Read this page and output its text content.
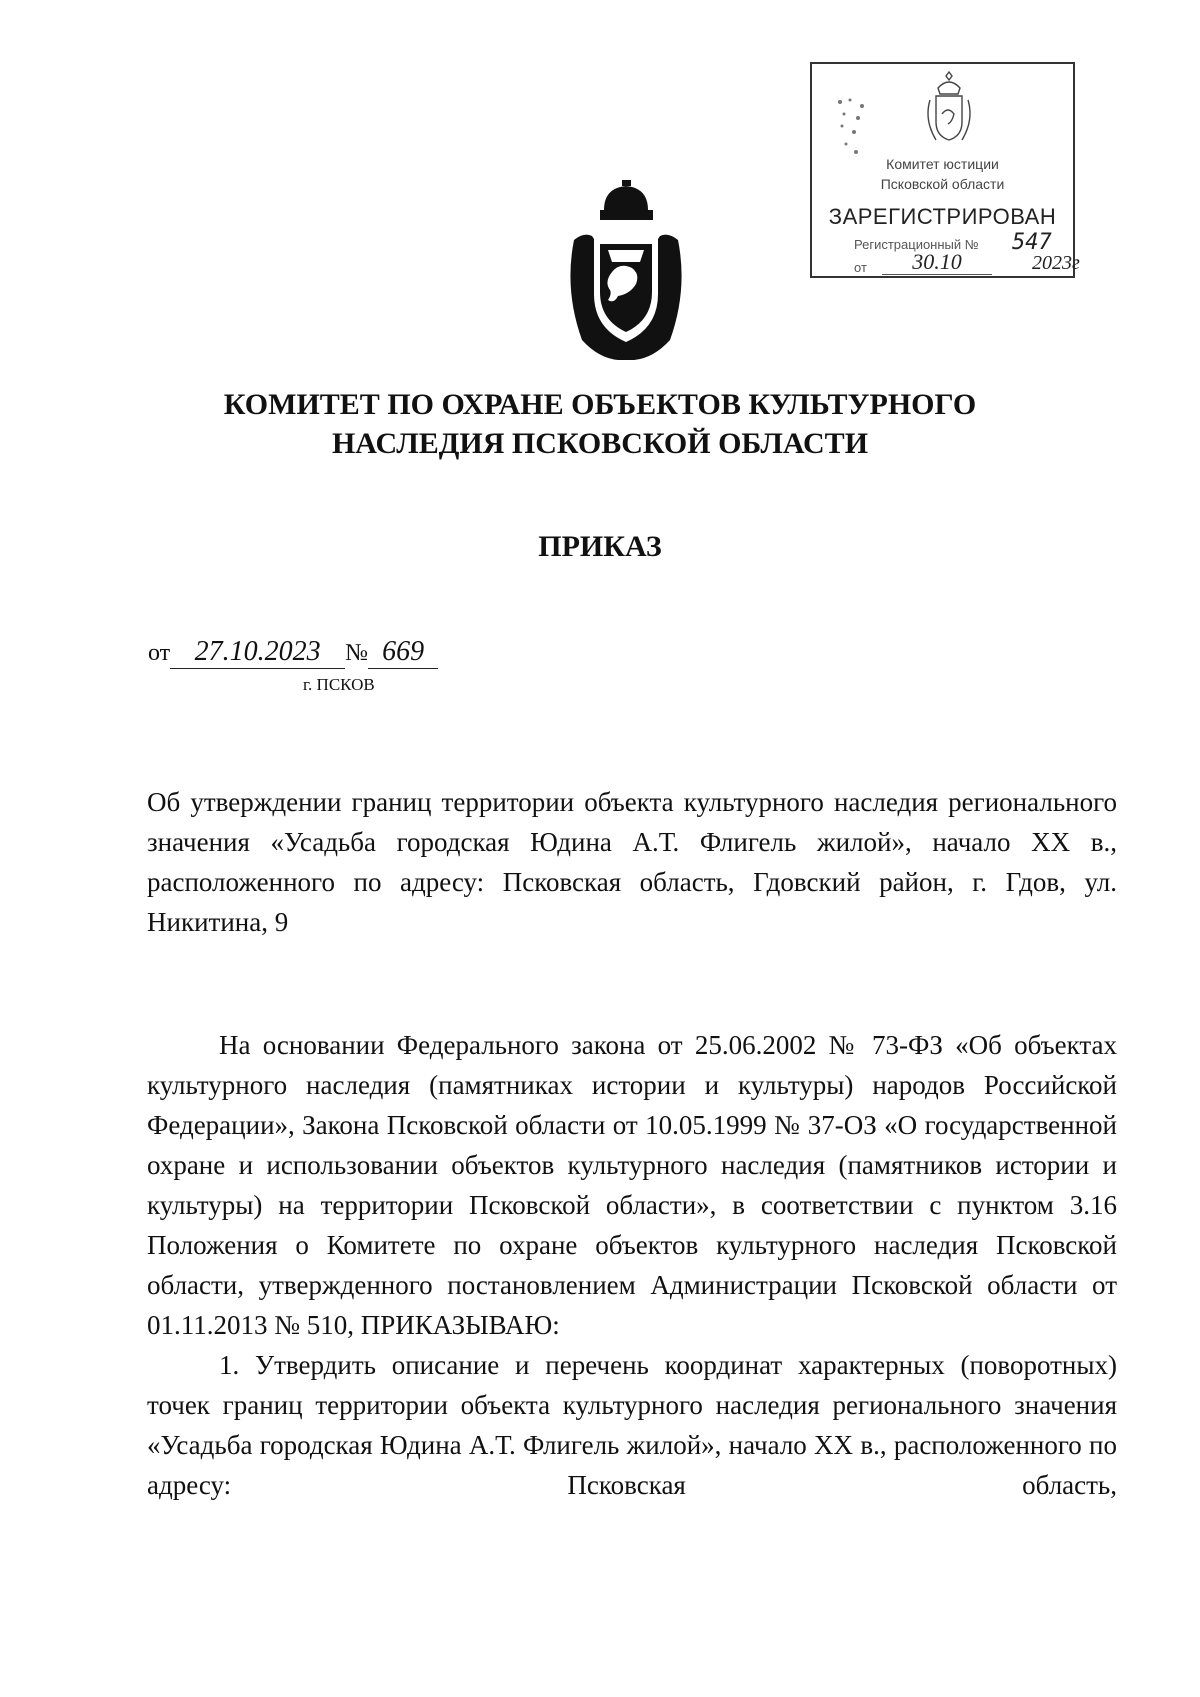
Комитет юстиции
Псковской области
ЗАРЕГИСТРИРОВАН
Регистрационный № 547
от	30.10	2023г
КОМИТЕТ ПО ОХРАНЕ ОБЪЕКТОВ КУЛЬТУРНОГО
НАСЛЕДИЯ ПСКОВСКОЙ ОБЛАСТИ
ПРИКАЗ
от 27.10.2023 № 669
г. ПСКОВ
Об утверждении границ территории объекта культурного наследия регионального значения «Усадьба городская Юдина А.Т. Флигель жилой», начало XX в., расположенного по адресу: Псковская область, Гдовский район, г. Гдов, ул. Никитина, 9

На основании Федерального закона от 25.06.2002 № 73-ФЗ «Об объектах культурного наследия (памятниках истории и культуры) народов Российской Федерации», Закона Псковской области от 10.05.1999 № 37-ОЗ «О государственной охране и использовании объектов культурного наследия (памятников истории и культуры) на территории Псковской области», в соответствии с пунктом 3.16 Положения о Комитете по охране объектов культурного наследия Псковской области, утвержденного постановлением Администрации Псковской области от 01.11.2013 № 510, ПРИКАЗЫВАЮ:

1. Утвердить описание и перечень координат характерных (поворотных) точек границ территории объекта культурного наследия регионального значения «Усадьба городская Юдина А.Т. Флигель жилой», начало XX в., расположенного по адресу: Псковская область,
